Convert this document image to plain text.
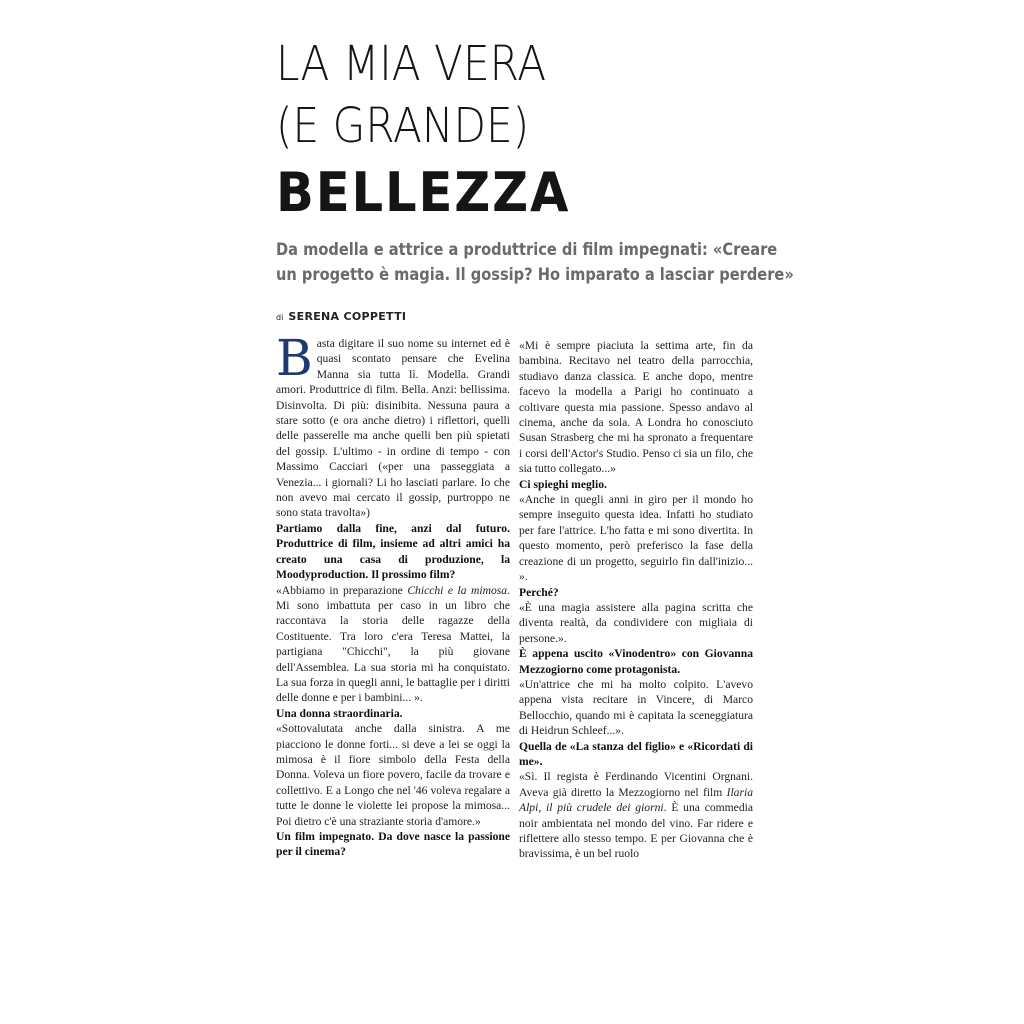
LA MIA VERA
(E GRANDE)
BELLEZZA
Da modella e attrice a produttrice di film impegnati: «Creare
un progetto è magia. Il gossip? Ho imparato a lasciar perdere»
di SERENA COPPETTI

Basta digitare il suo nome su internet ed è quasi scontato pensare che Evelina Manna sia tutta lì. Modella. Grandi amori. Produttrice di film. Bella. Anzi: bellissima. Disinvolta. Di più: disinibita. Nessuna paura a stare sotto (e ora anche dietro) i riflettori, quelli delle passerelle ma anche quelli ben più spietati del gossip. L'ultimo - in ordine di tempo - con Massimo Cacciari («per una passeggiata a Venezia... i giornali? Li ho lasciati parlare. Io che non avevo mai cercato il gossip, purtroppo ne sono stata travolta»)

Partiamo dalla fine, anzi dal futuro. Produttrice di film, insieme ad altri amici ha creato una casa di produzione, la Moodyproduction. Il prossimo film?

«Abbiamo in preparazione Chicchi e la mimosa. Mi sono imbattuta per caso in un libro che raccontava la storia delle ragazze della Costituente. Tra loro c'era Teresa Mattei, la partigiana "Chicchi", la più giovane dell'Assemblea. La sua storia mi ha conquistato. La sua forza in quegli anni, le battaglie per i diritti delle donne e per i bambini... ».

Una donna straordinaria.

«Sottovalutata anche dalla sinistra. A me piacciono le donne forti... si deve a lei se oggi la mimosa è il fiore simbolo della Festa della Donna. Voleva un fiore povero, facile da trovare e collettivo. E a Longo che nel '46 voleva regalare a tutte le donne le violette lei propose la mimosa... Poi dietro c'è una straziante storia d'amore.»

Un film impegnato. Da dove nasce la passione per il cinema?

«Mi è sempre piaciuta la settima arte, fin da bambina. Recitavo nel teatro della parrocchia, studiavo danza classica. E anche dopo, mentre facevo la modella a Parigi ho continuato a coltivare questa mia passione. Spesso andavo al cinema, anche da sola. A Londra ho conosciuto Susan Strasberg che mi ha spronato a frequentare i corsi dell'Actor's Studio. Penso ci sia un filo, che sia tutto collegato...»

Ci spieghi meglio.

«Anche in quegli anni in giro per il mondo ho sempre inseguito questa idea. Infatti ho studiato per fare l'attrice. L'ho fatta e mi sono divertita. In questo momento, però preferisco la fase della creazione di un progetto, seguirlo fin dall'inizio... ».

Perché?

«È una magia assistere alla pagina scritta che diventa realtà, da condividere con migliaia di persone.».

È appena uscito «Vinodentro» con Giovanna Mezzogiorno come protagonista.

«Un'attrice che mi ha molto colpito. L'avevo appena vista recitare in Vincere, di Marco Bellocchio, quando mi è capitata la sceneggiatura di Heidrun Schleef...».

Quella de «La stanza del figlio» e «Ricordati di me».

«Sì. Il regista è Ferdinando Vicentini Orgnani. Aveva già diretto la Mezzogiorno nel film Ilaria Alpi, il più crudele dei giorni. È una commedia noir ambientata nel mondo del vino. Far ridere e riflettere allo stesso tempo. E per Giovanna che è bravissima, è un bel ruolo
